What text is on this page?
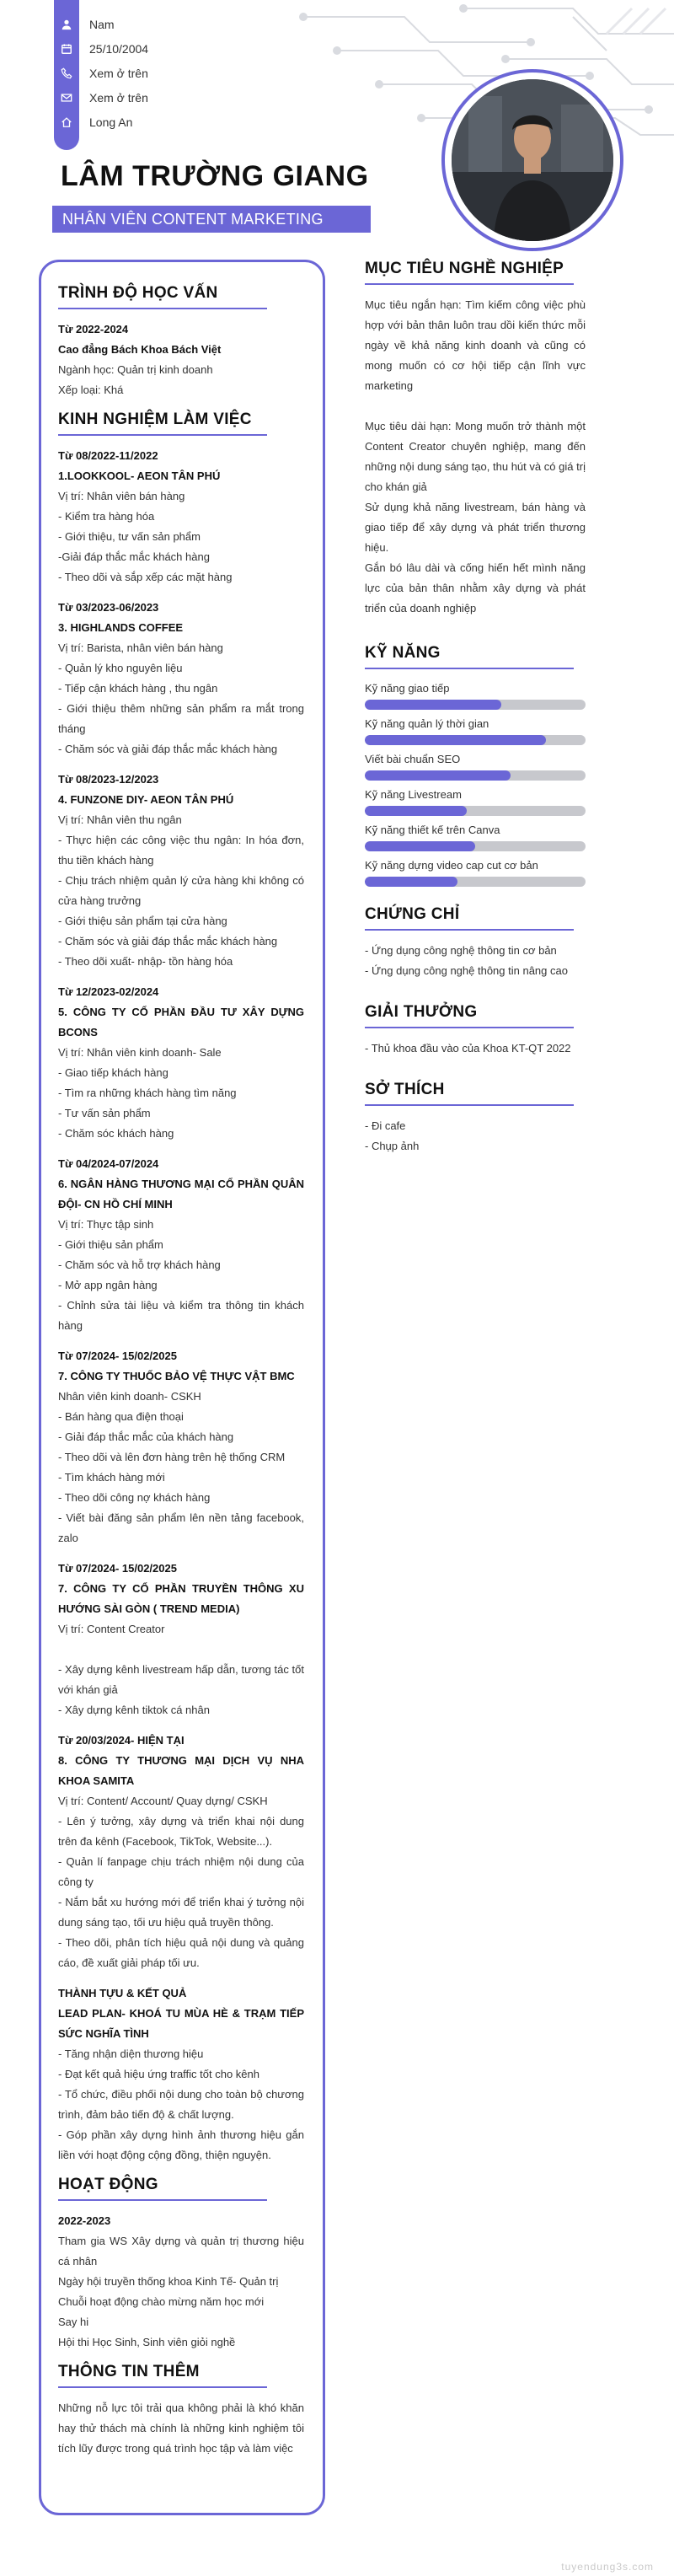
Nam
25/10/2004
Xem ở trên
Xem ở trên
Long An
LÂM TRƯỜNG GIANG
NHÂN VIÊN CONTENT MARKETING
TRÌNH ĐỘ HỌC VẤN
Từ 2022-2024
Cao đẳng Bách Khoa Bách Việt
Ngành học: Quản trị kinh doanh
Xếp loại: Khá
KINH NGHIỆM LÀM VIỆC
Từ 08/2022-11/2022
1.LOOKKOOL- AEON TÂN PHÚ
Vị trí: Nhân viên bán hàng
- Kiểm tra hàng hóa
- Giới thiệu, tư vấn sản phẩm
-Giải đáp thắc mắc khách hàng
- Theo dõi và sắp xếp các mặt hàng
Từ 03/2023-06/2023
3. HIGHLANDS COFFEE
Vị trí: Barista, nhân viên bán hàng
- Quản lý kho nguyên liệu
- Tiếp cận khách hàng , thu ngân
- Giới thiệu thêm những sản phẩm ra mắt trong tháng
- Chăm sóc và giải đáp thắc mắc khách hàng
Từ 08/2023-12/2023
4. FUNZONE DIY- AEON TÂN PHÚ
Vị trí: Nhân viên thu ngân
- Thực hiện các công việc thu ngân: In hóa đơn, thu tiền khách hàng
- Chịu trách nhiệm quản lý cửa hàng khi không có cửa hàng trưởng
- Giới thiệu sản phẩm tại cửa hàng
- Chăm sóc và giải đáp thắc mắc khách hàng
- Theo dõi xuất- nhập- tồn hàng hóa
Từ 12/2023-02/2024
5. CÔNG TY CỔ PHẦN ĐẦU TƯ XÂY DỰNG BCONS
Vị trí: Nhân viên kinh doanh- Sale
- Giao tiếp khách hàng
- Tìm ra những khách hàng tìm năng
- Tư vấn sản phẩm
- Chăm sóc khách hàng
Từ 04/2024-07/2024
6. NGÂN HÀNG THƯƠNG MẠI CỔ PHẦN QUÂN ĐỘI- CN HỒ CHÍ MINH
Vị trí: Thực tập sinh
- Giới thiệu sản phẩm
- Chăm sóc và hỗ trợ khách hàng
- Mở app ngân hàng
- Chỉnh sửa tài liệu và kiểm tra thông tin khách hàng
Từ 07/2024- 15/02/2025
7. CÔNG TY THUỐC BẢO VỆ THỰC VẬT BMC
Nhân viên kinh doanh- CSKH
- Bán hàng qua điện thoại
- Giải đáp thắc mắc của khách hàng
- Theo dõi và lên đơn hàng trên hệ thống CRM
- Tìm khách hàng mới
- Theo dõi công nợ khách hàng
- Viết bài đăng sản phẩm lên nền tảng facebook, zalo
Từ 07/2024- 15/02/2025
7. CÔNG TY CỔ PHẦN TRUYỀN THÔNG XU HƯỚNG SÀI GÒN ( TREND MEDIA)
Vị trí: Content Creator
- Xây dựng kênh livestream hấp dẫn, tương tác tốt với khán giả
- Xây dựng kênh tiktok cá nhân
Từ 20/03/2024- HIỆN TẠI
8. CÔNG TY THƯƠNG MẠI DỊCH VỤ NHA KHOA SAMITA
Vị trí: Content/ Account/ Quay dựng/ CSKH
- Lên ý tưởng, xây dựng và triển khai nội dung trên đa kênh (Facebook, TikTok, Website...).
- Quản lí fanpage chịu trách nhiệm nội dung của công ty
- Nắm bắt xu hướng mới để triển khai ý tưởng nội dung sáng tạo, tối ưu hiệu quả truyền thông.
- Theo dõi, phân tích hiệu quả nội dung và quảng cáo, đề xuất giải pháp tối ưu.
THÀNH TỰU & KẾT QUẢ
LEAD PLAN- KHOÁ TU MÙA HÈ & TRẠM TIẾP SỨC NGHĨA TÌNH
- Tăng nhận diện thương hiệu
- Đạt kết quả hiệu ứng traffic tốt cho kênh
- Tổ chức, điều phối nội dung cho toàn bộ chương trình, đảm bảo tiến độ & chất lượng.
- Góp phần xây dựng hình ảnh thương hiệu gắn liền với hoạt động cộng đồng, thiện nguyện.
HOẠT ĐỘNG
2022-2023
Tham gia WS Xây dựng và quản trị thương hiệu cá nhân
Ngày hội truyền thống khoa Kinh Tế- Quản trị
Chuỗi hoạt động chào mừng năm học mới
Say hi
Hội thi Học Sinh, Sinh viên giỏi nghề
THÔNG TIN THÊM
Những nỗ lực tôi trải qua không phải là khó khăn hay thử thách mà chính là những kinh nghiệm tôi tích lũy được trong quá trình học tập và làm việc
MỤC TIÊU NGHỀ NGHIỆP
Mục tiêu ngắn hạn: Tìm kiếm công việc phù hợp với bản thân luôn trau dồi kiến thức mỗi ngày về khả năng kinh doanh và cũng có mong muốn có cơ hội tiếp cận lĩnh vực marketing
Mục tiêu dài hạn: Mong muốn trở thành một Content Creator chuyên nghiệp, mang đến những nội dung sáng tạo, thu hút và có giá trị cho khán giả
Sử dụng khả năng livestream, bán hàng và giao tiếp để xây dựng và phát triển thương hiệu.
Gắn bó lâu dài và cống hiến hết mình năng lực của bản thân nhằm xây dựng và phát triển của doanh nghiệp
KỸ NĂNG
Kỹ năng giao tiếp
Kỹ năng quản lý thời gian
Viết bài chuẩn SEO
Kỹ năng Livestream
Kỹ năng thiết kế trên Canva
Kỹ năng dựng video cap cut cơ bản
CHỨNG CHỈ
- Ứng dụng công nghệ thông tin cơ bản
- Ứng dụng công nghệ thông tin nâng cao
GIẢI THƯỞNG
- Thủ khoa đầu vào của Khoa KT-QT 2022
SỞ THÍCH
- Đi cafe
- Chụp ảnh
tuyendung3s.com
